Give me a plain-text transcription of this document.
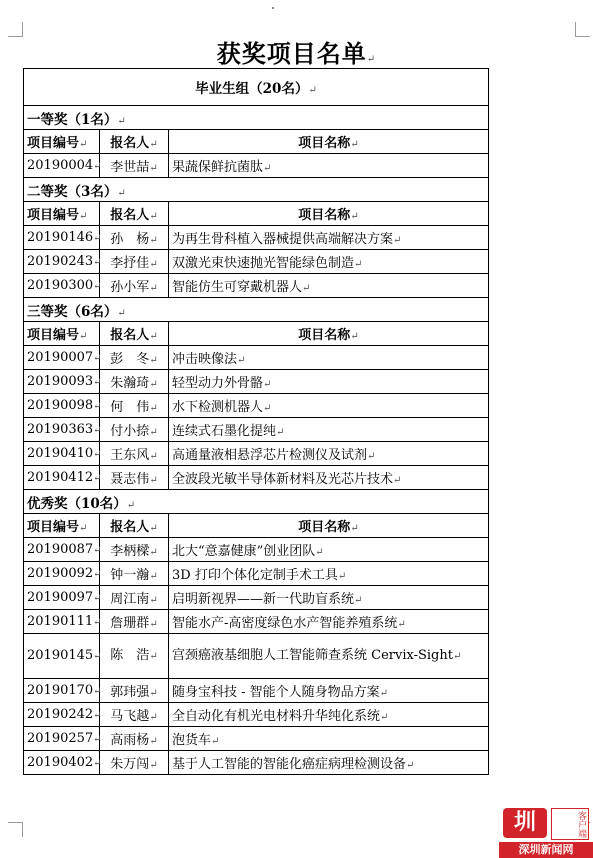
获奖项目名单↵
毕业生组（20名）↵		
一等奖（1名）↵		
项目编号↵	报名人↵	项目名称↵
20190004↵	李世喆↵	果蔬保鲜抗菌肽↵
二等奖（3名）↵		
项目编号↵	报名人↵	项目名称↵
20190146↵	孙　杨↵	为再生骨科植入器械提供高端解决方案↵
20190243↵	李抒佳↵	双激光束快速抛光智能绿色制造↵
20190300↵	孙小军↵	智能仿生可穿戴机器人↵
三等奖（6名）↵		
项目编号↵	报名人↵	项目名称↵
20190007↵	彭　冬↵	冲击映像法↵
20190093↵	朱瀚琦↵	轻型动力外骨骼↵
20190098↵	何　伟↵	水下检测机器人↵
20190363↵	付小捺↵	连续式石墨化提纯↵
20190410↵	王东风↵	高通量液相悬浮芯片检测仪及试剂↵
20190412↵	聂志伟↵	全波段光敏半导体新材料及光芯片技术↵
优秀奖（10名）↵		
项目编号↵	报名人↵	项目名称↵
20190087↵	李柄樑↵	北大“意嘉健康”创业团队↵
20190092↵	钟一瀚↵	3D 打印个体化定制手术工具↵
20190097↵	周江南↵	启明新视界——新一代助盲系统↵
20190111↵	詹珊群↵	智能水产-高密度绿色水产智能养殖系统↵
20190145↵	陈　浩↵	宫颈癌液基细胞人工智能筛查系统 Cervix-Sight↵
20190170↵	郭玮强↵	随身宝科技 - 智能个人随身物品方案↵
20190242↵	马飞越↵	全自动化有机光电材料升华纯化系统↵
20190257↵	高雨杨↵	泡货车↵
20190402↵	朱万闯↵	基于人工智能的智能化癌症病理检测设备↵
圳	客户端
深圳新闻网
